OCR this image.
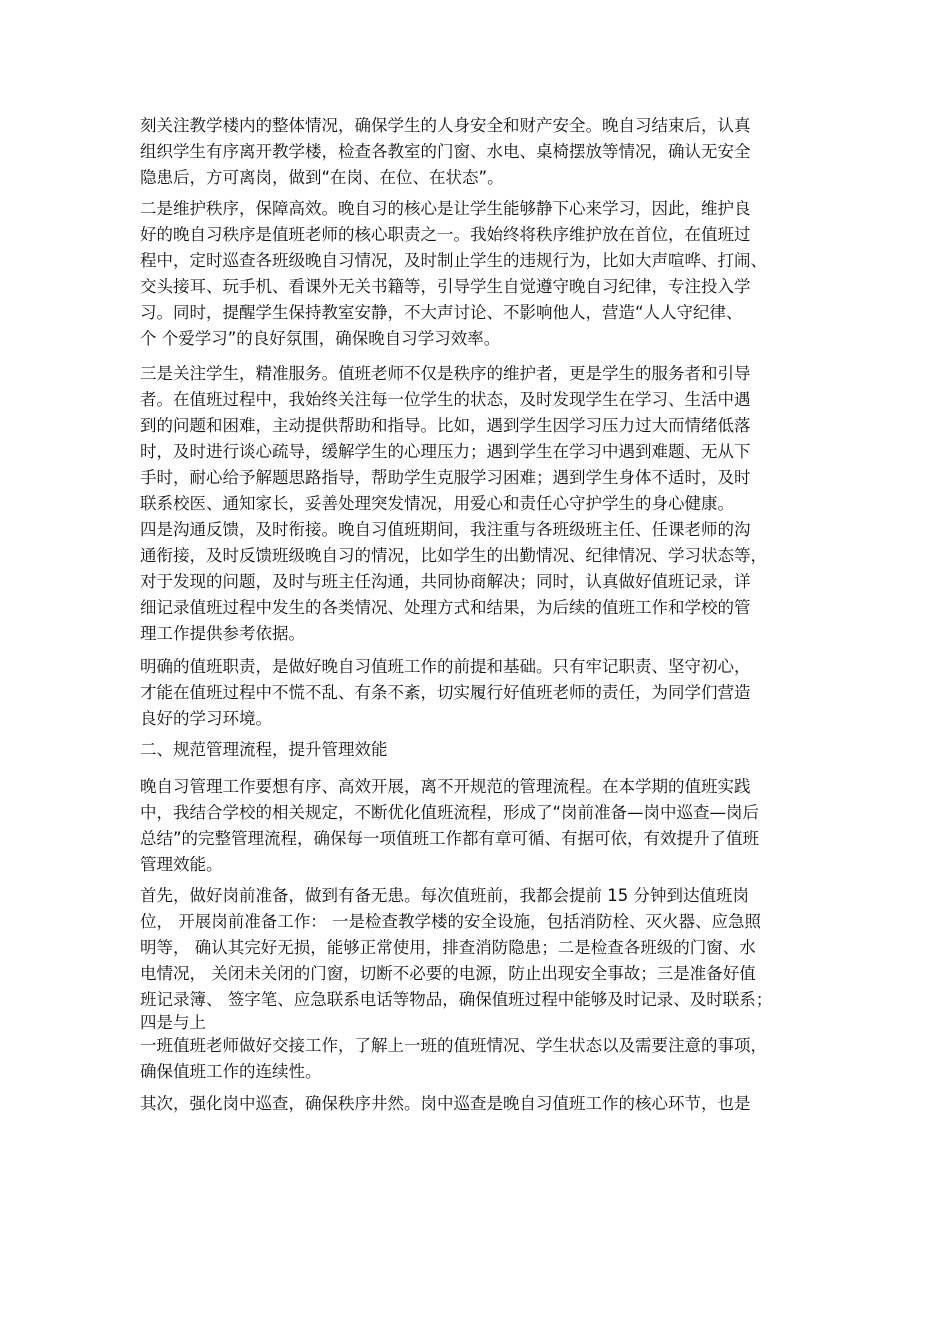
刻关注教学楼内的整体情况，确保学生的人身安全和财产安全。晚自习结束后，认真
组织学生有序离开教学楼，检查各教室的门窗、水电、桌椅摆放等情况，确认无安全
隐患后，方可离岗，做到“在岗、在位、在状态”。
二是维护秩序，保障高效。晚自习的核心是让学生能够静下心来学习，因此，维护良
好的晚自习秩序是值班老师的核心职责之一。我始终将秩序维护放在首位，在值班过
程中，定时巡查各班级晚自习情况，及时制止学生的违规行为，比如大声喧哗、打闹、
交头接耳、玩手机、看课外无关书籍等，引导学生自觉遵守晚自习纪律，专注投入学
习。同时，提醒学生保持教室安静，不大声讨论、不影响他人，营造“人人守纪律、
个 个爱学习”的良好氛围，确保晚自习学习效率。
三是关注学生，精准服务。值班老师不仅是秩序的维护者，更是学生的服务者和引导
者。在值班过程中，我始终关注每一位学生的状态，及时发现学生在学习、生活中遇
到的问题和困难，主动提供帮助和指导。比如，遇到学生因学习压力过大而情绪低落
时，及时进行谈心疏导，缓解学生的心理压力；遇到学生在学习中遇到难题、无从下
手时，耐心给予解题思路指导，帮助学生克服学习困难；遇到学生身体不适时，及时
联系校医、通知家长，妥善处理突发情况，用爱心和责任心守护学生的身心健康。
四是沟通反馈，及时衔接。晚自习值班期间，我注重与各班级班主任、任课老师的沟
通衔接，及时反馈班级晚自习的情况，比如学生的出勤情况、纪律情况、学习状态等，
对于发现的问题，及时与班主任沟通，共同协商解决；同时，认真做好值班记录，详
细记录值班过程中发生的各类情况、处理方式和结果，为后续的值班工作和学校的管
理工作提供参考依据。
明确的值班职责，是做好晚自习值班工作的前提和基础。只有牢记职责、坚守初心，
才能在值班过程中不慌不乱、有条不紊，切实履行好值班老师的责任，为同学们营造
良好的学习环境。
二、规范管理流程，提升管理效能
晚自习管理工作要想有序、高效开展，离不开规范的管理流程。在本学期的值班实践
中，我结合学校的相关规定，不断优化值班流程，形成了“岗前准备—岗中巡查—岗后
总结”的完整管理流程，确保每一项值班工作都有章可循、有据可依，有效提升了值班
管理效能。
首先，做好岗前准备，做到有备无患。每次值班前，我都会提前 15 分钟到达值班岗
位， 开展岗前准备工作： 一是检查教学楼的安全设施，包括消防栓、灭火器、应急照
明等， 确认其完好无损，能够正常使用，排查消防隐患；二是检查各班级的门窗、水
电情况， 关闭未关闭的门窗，切断不必要的电源，防止出现安全事故；三是准备好值
班记录簿、 签字笔、应急联系电话等物品，确保值班过程中能够及时记录、及时联系；
四是与上
一班值班老师做好交接工作，了解上一班的值班情况、学生状态以及需要注意的事项，
确保值班工作的连续性。
其次，强化岗中巡查，确保秩序井然。岗中巡查是晚自习值班工作的核心环节，也是
